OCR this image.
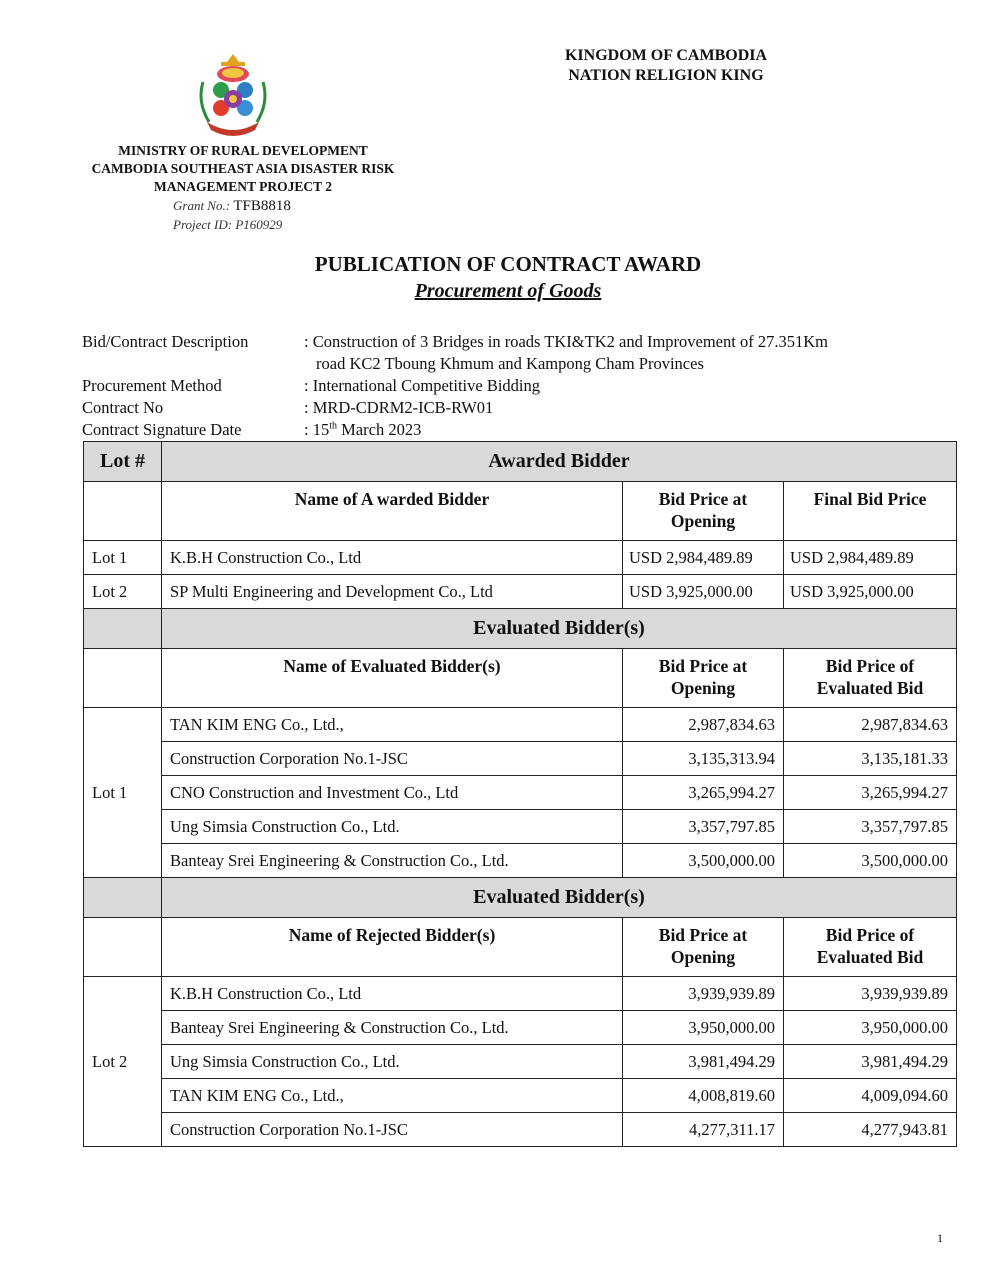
KINGDOM OF CAMBODIA
NATION RELIGION KING
MINISTRY OF RURAL DEVELOPMENT
CAMBODIA SOUTHEAST ASIA DISASTER RISK
MANAGEMENT PROJECT 2
Grant No.: TFB8818
Project ID: P160929
PUBLICATION OF CONTRACT AWARD
Procurement of Goods
Bid/Contract Description	: Construction of 3 Bridges in roads TKI&TK2 and Improvement of 27.351Km
road KC2 Tboung Khmum and Kampong Cham Provinces
Procurement Method	: International Competitive Bidding
Contract No	: MRD-CDRM2-ICB-RW01
Contract Signature Date	: 15th March 2023
Lot #	Awarded Bidder		
	Name of A warded Bidder	Bid Price at Opening	Final Bid Price
Lot 1	K.B.H Construction Co., Ltd	USD 2,984,489.89	USD 2,984,489.89
Lot 2	SP Multi Engineering and Development Co., Ltd	USD 3,925,000.00	USD 3,925,000.00
	Evaluated Bidder(s)		
	Name of Evaluated Bidder(s)	Bid Price at Opening	Bid Price of Evaluated Bid
Lot 1	TAN KIM ENG Co., Ltd.,	2,987,834.63	2,987,834.63
	Construction Corporation No.1-JSC	3,135,313.94	3,135,181.33
	CNO Construction and Investment Co., Ltd	3,265,994.27	3,265,994.27
	Ung Simsia Construction Co., Ltd.	3,357,797.85	3,357,797.85
	Banteay Srei Engineering & Construction Co., Ltd.	3,500,000.00	3,500,000.00
	Evaluated Bidder(s)		
	Name of Rejected Bidder(s)	Bid Price at Opening	Bid Price of Evaluated Bid
Lot 2	K.B.H Construction Co., Ltd	3,939,939.89	3,939,939.89
	Banteay Srei Engineering & Construction Co., Ltd.	3,950,000.00	3,950,000.00
	Ung Simsia Construction Co., Ltd.	3,981,494.29	3,981,494.29
	TAN KIM ENG Co., Ltd.,	4,008,819.60	4,009,094.60
	Construction Corporation No.1-JSC	4,277,311.17	4,277,943.81
1
